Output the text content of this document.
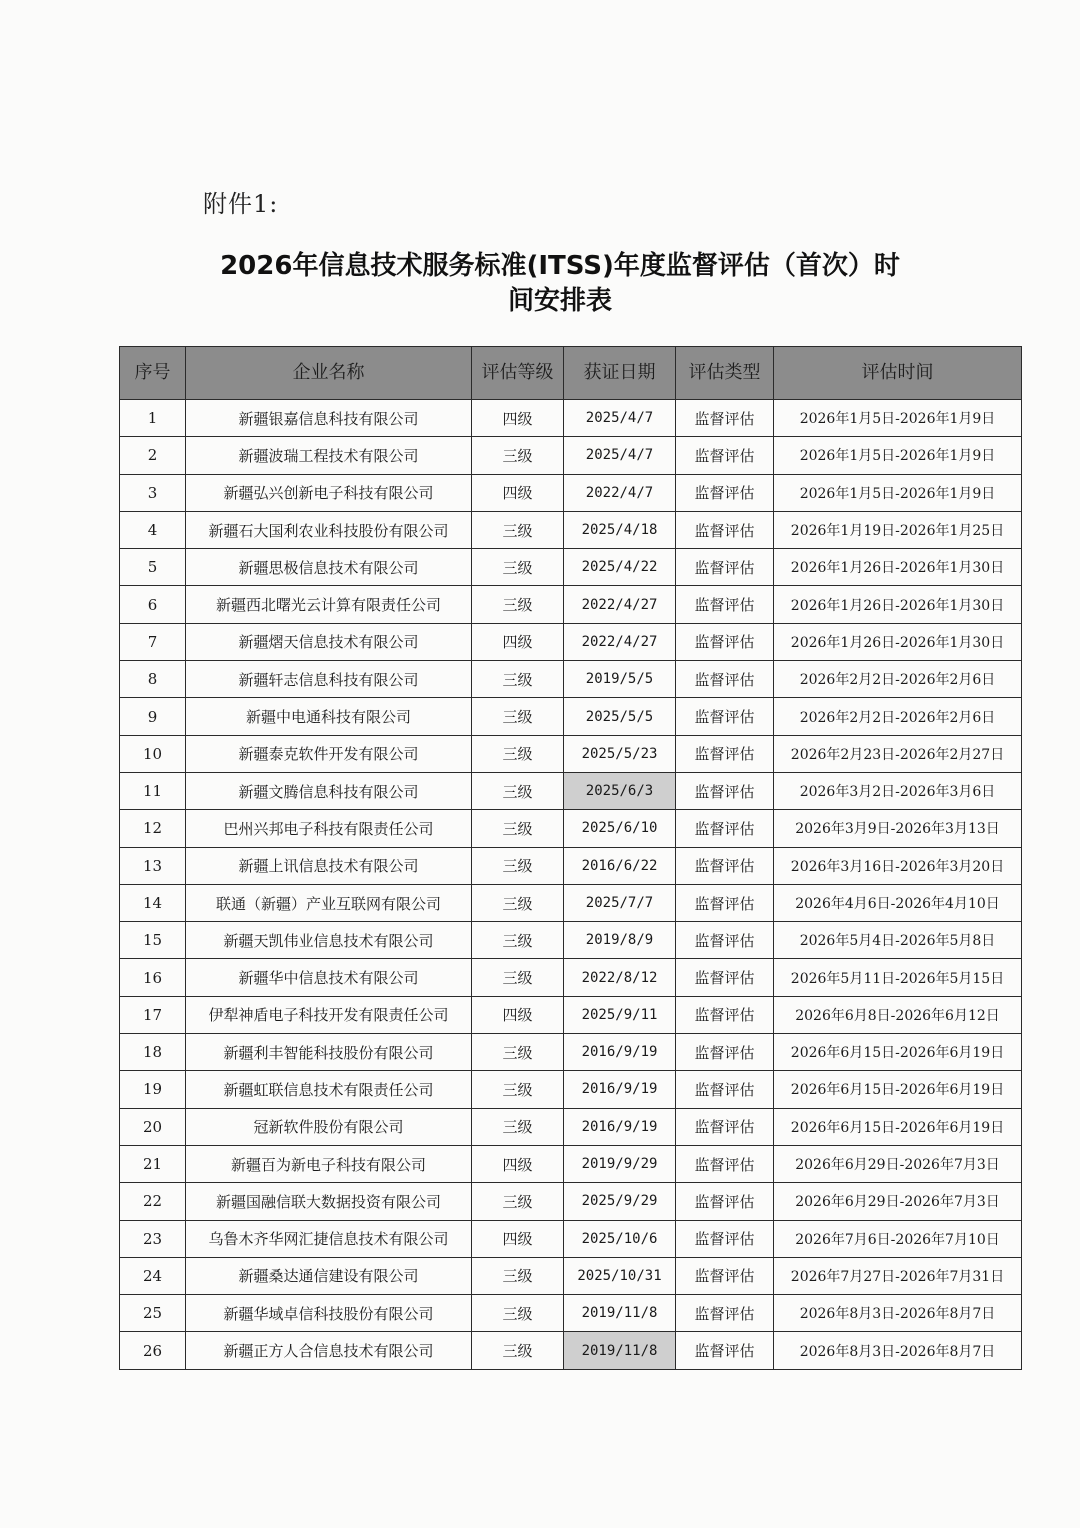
附件1:
2026年信息技术服务标准(ITSS)年度监督评估（首次）时
间安排表
序号	企业名称	评估等级	获证日期	评估类型	评估时间
1	新疆银嘉信息科技有限公司	四级	2025/4/7	监督评估	2026年1月5日-2026年1月9日
2	新疆波瑞工程技术有限公司	三级	2025/4/7	监督评估	2026年1月5日-2026年1月9日
3	新疆弘兴创新电子科技有限公司	四级	2022/4/7	监督评估	2026年1月5日-2026年1月9日
4	新疆石大国利农业科技股份有限公司	三级	2025/4/18	监督评估	2026年1月19日-2026年1月25日
5	新疆思极信息技术有限公司	三级	2025/4/22	监督评估	2026年1月26日-2026年1月30日
6	新疆西北曙光云计算有限责任公司	三级	2022/4/27	监督评估	2026年1月26日-2026年1月30日
7	新疆熠天信息技术有限公司	四级	2022/4/27	监督评估	2026年1月26日-2026年1月30日
8	新疆轩志信息科技有限公司	三级	2019/5/5	监督评估	2026年2月2日-2026年2月6日
9	新疆中电通科技有限公司	三级	2025/5/5	监督评估	2026年2月2日-2026年2月6日
10	新疆泰克软件开发有限公司	三级	2025/5/23	监督评估	2026年2月23日-2026年2月27日
11	新疆文腾信息科技有限公司	三级	2025/6/3	监督评估	2026年3月2日-2026年3月6日
12	巴州兴邦电子科技有限责任公司	三级	2025/6/10	监督评估	2026年3月9日-2026年3月13日
13	新疆上讯信息技术有限公司	三级	2016/6/22	监督评估	2026年3月16日-2026年3月20日
14	联通（新疆）产业互联网有限公司	三级	2025/7/7	监督评估	2026年4月6日-2026年4月10日
15	新疆天凯伟业信息技术有限公司	三级	2019/8/9	监督评估	2026年5月4日-2026年5月8日
16	新疆华中信息技术有限公司	三级	2022/8/12	监督评估	2026年5月11日-2026年5月15日
17	伊犁神盾电子科技开发有限责任公司	四级	2025/9/11	监督评估	2026年6月8日-2026年6月12日
18	新疆利丰智能科技股份有限公司	三级	2016/9/19	监督评估	2026年6月15日-2026年6月19日
19	新疆虹联信息技术有限责任公司	三级	2016/9/19	监督评估	2026年6月15日-2026年6月19日
20	冠新软件股份有限公司	三级	2016/9/19	监督评估	2026年6月15日-2026年6月19日
21	新疆百为新电子科技有限公司	四级	2019/9/29	监督评估	2026年6月29日-2026年7月3日
22	新疆国融信联大数据投资有限公司	三级	2025/9/29	监督评估	2026年6月29日-2026年7月3日
23	乌鲁木齐华网汇捷信息技术有限公司	四级	2025/10/6	监督评估	2026年7月6日-2026年7月10日
24	新疆桑达通信建设有限公司	三级	2025/10/31	监督评估	2026年7月27日-2026年7月31日
25	新疆华域卓信科技股份有限公司	三级	2019/11/8	监督评估	2026年8月3日-2026年8月7日
26	新疆正方人合信息技术有限公司	三级	2019/11/8	监督评估	2026年8月3日-2026年8月7日
